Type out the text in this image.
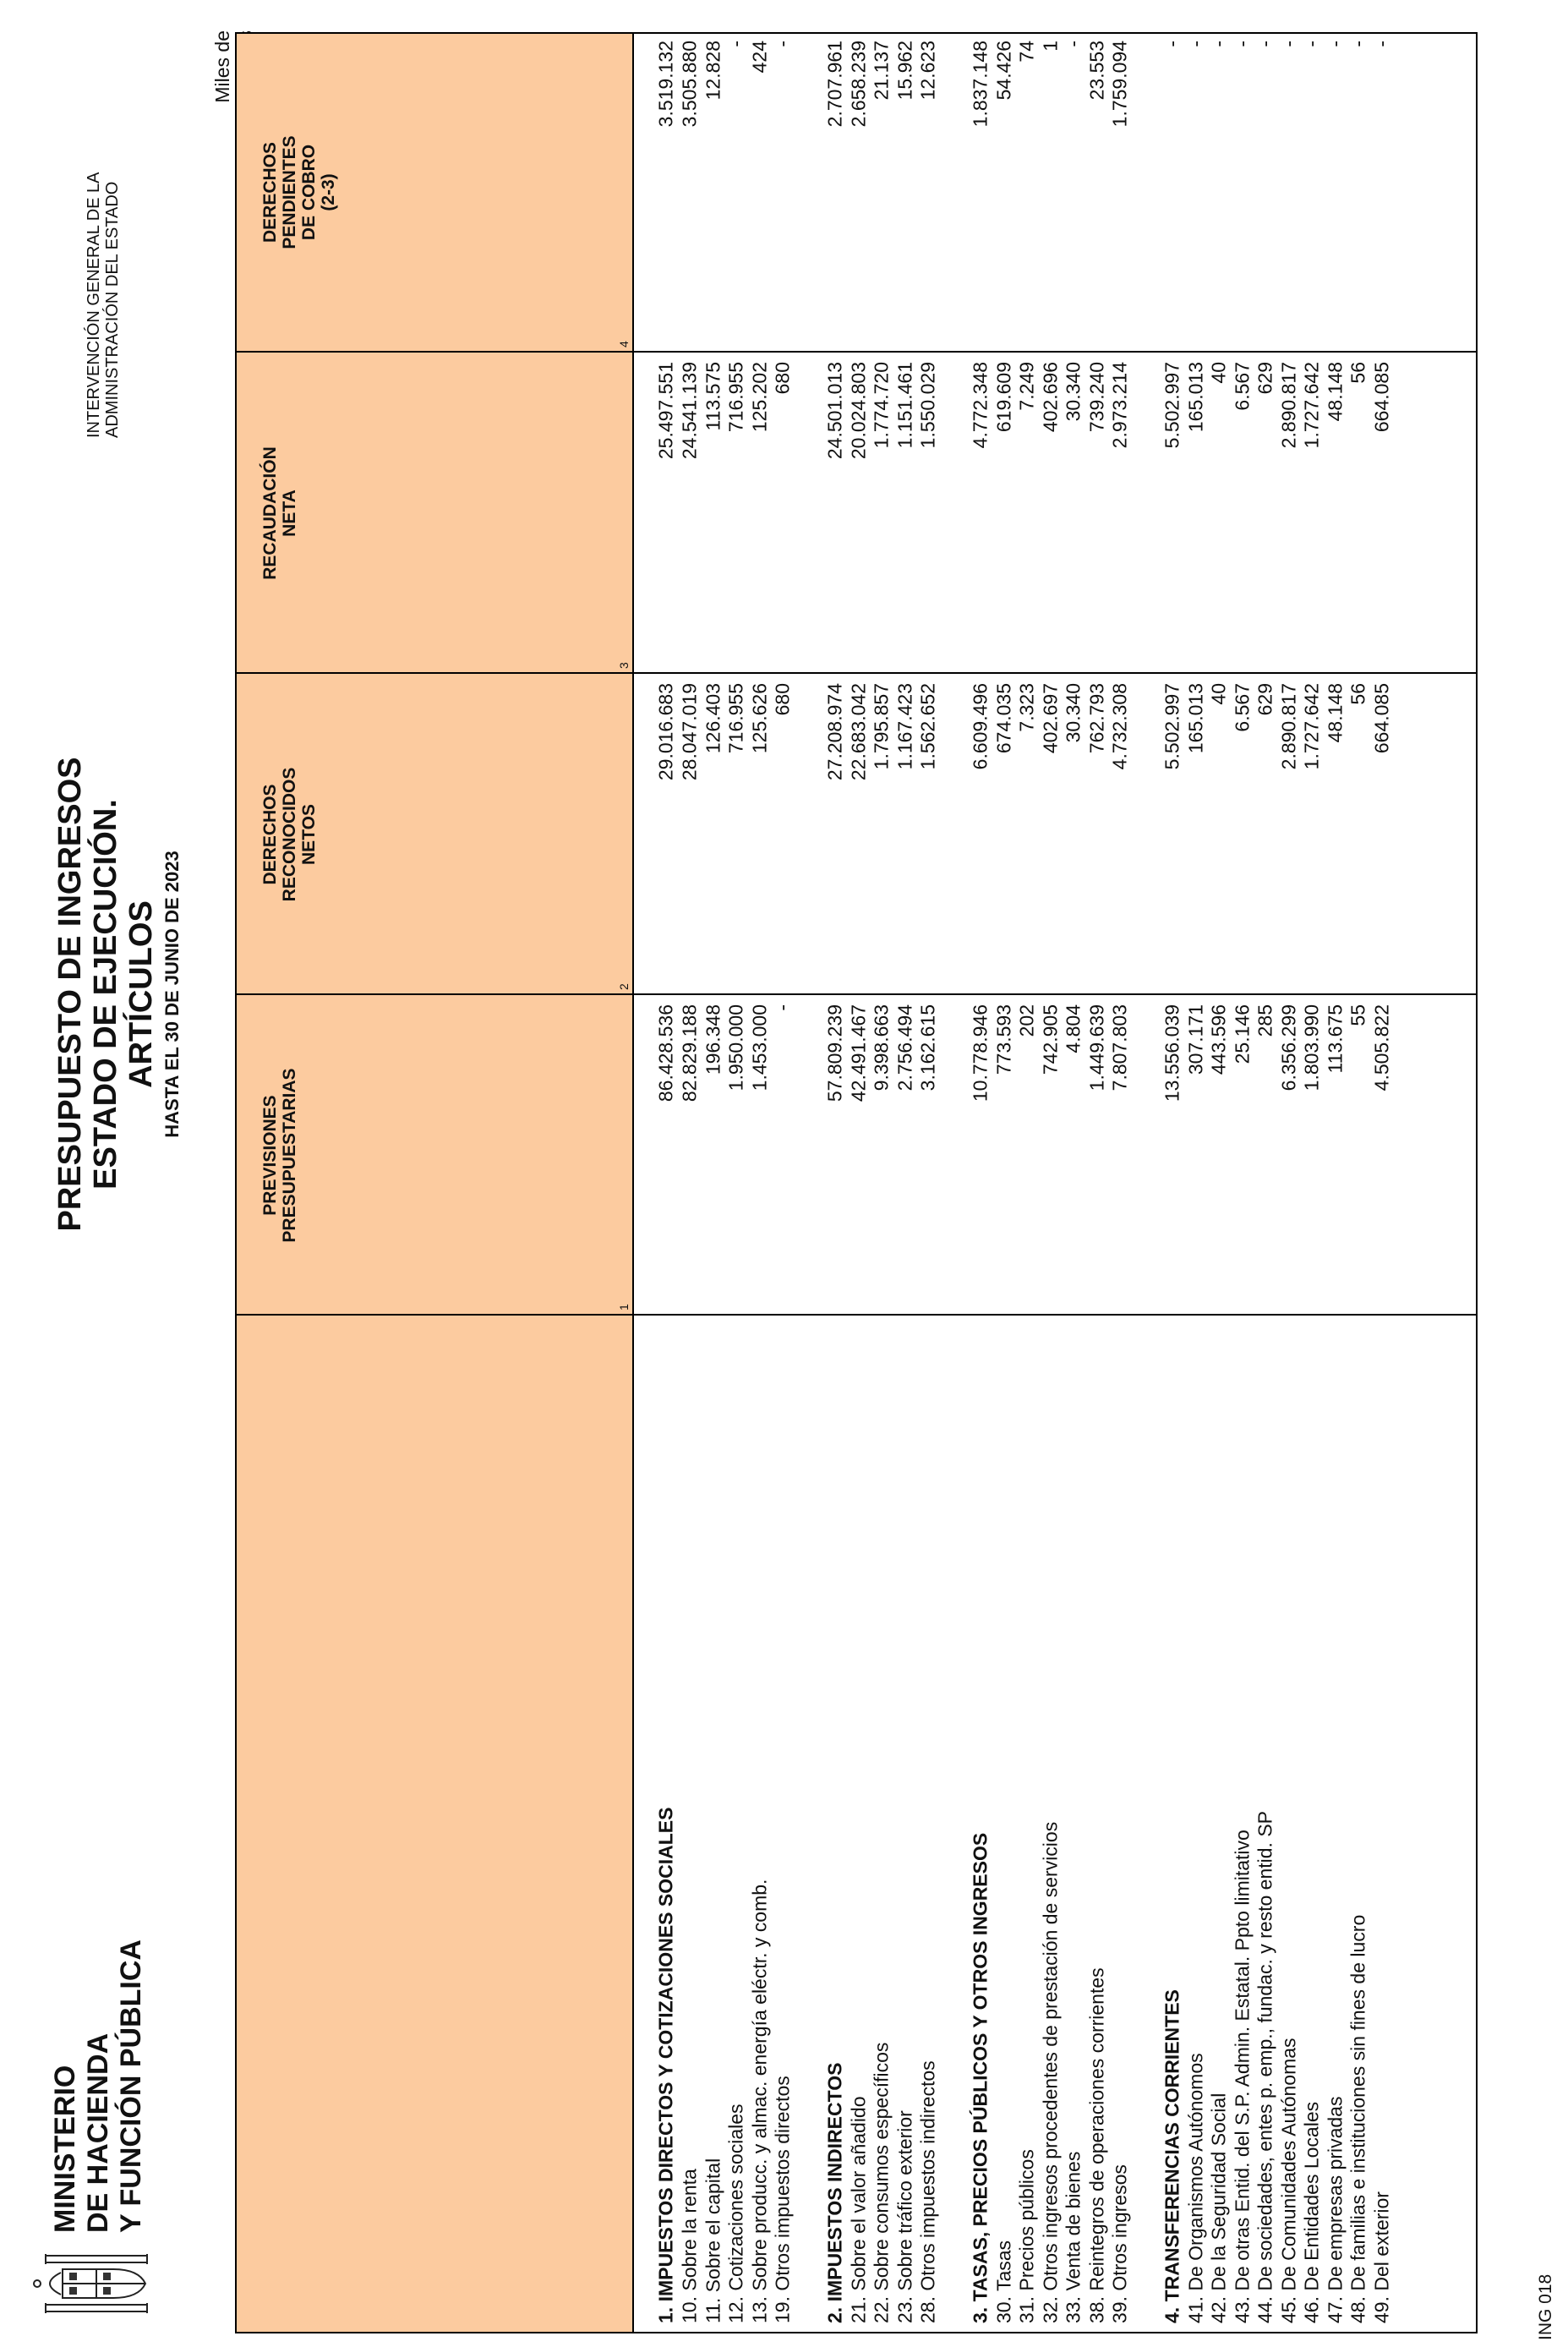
MINISTERIO DE HACIENDA Y FUNCIÓN PÚBLICA
PRESUPUESTO DE INGRESOS ESTADO DE EJECUCIÓN. ARTÍCULOS HASTA EL 30 DE JUNIO DE 2023
INTERVENCIÓN GENERAL DE LA ADMINISTRACIÓN DEL ESTADO
Miles de
PREVISIONES PRESUPUESTARIAS
1
DERECHOS RECONOCIDOS NETOS
2
RECAUDACIÓN NETA
3
DERECHOS PENDIENTES DE COBRO (2-3)
4
1. IMPUESTOS DIRECTOS Y COTIZACIONES SOCIALES
86.428.536
29.016.683
25.497.551
3.519.132
10. Sobre la renta
82.829.188
28.047.019
24.541.139
3.505.880
11. Sobre el capital
196.348
126.403
113.575
12.828
12. Cotizaciones sociales
1.950.000
716.955
716.955
-
13. Sobre producc. y almac. energía eléctr. y comb.
1.453.000
125.626
125.202
424
19. Otros impuestos directos
-
680
680
-
2. IMPUESTOS INDIRECTOS
57.809.239
27.208.974
24.501.013
2.707.961
21. Sobre el valor añadido
42.491.467
22.683.042
20.024.803
2.658.239
22. Sobre consumos específicos
9.398.663
1.795.857
1.774.720
21.137
23. Sobre tráfico exterior
2.756.494
1.167.423
1.151.461
15.962
28. Otros impuestos indirectos
3.162.615
1.562.652
1.550.029
12.623
3. TASAS, PRECIOS PÚBLICOS Y OTROS INGRESOS
10.778.946
6.609.496
4.772.348
1.837.148
30. Tasas
773.593
674.035
619.609
54.426
31. Precios públicos
202
7.323
7.249
74
32. Otros ingresos procedentes de prestación de servicios
742.905
402.697
402.696
1
33. Venta de bienes
4.804
30.340
30.340
-
38. Reintegros de operaciones corrientes
1.449.639
762.793
739.240
23.553
39. Otros ingresos
7.807.803
4.732.308
2.973.214
1.759.094
4. TRANSFERENCIAS CORRIENTES
13.556.039
5.502.997
5.502.997
-
41. De Organismos Autónomos
307.171
165.013
165.013
-
42. De la Seguridad Social
443.596
40
40
-
43. De otras Entid. del S.P. Admin. Estatal. Ppto limitativo
25.146
6.567
6.567
-
44. De sociedades, entes p. emp., fundac. y resto entid. SP
285
629
629
-
45. De Comunidades Autónomas
6.356.299
2.890.817
2.890.817
-
46. De Entidades Locales
1.803.990
1.727.642
1.727.642
-
47. De empresas privadas
113.675
48.148
48.148
-
48. De familias e instituciones sin fines de lucro
55
56
56
-
49. Del exterior
4.505.822
664.085
664.085
-
ING 018
